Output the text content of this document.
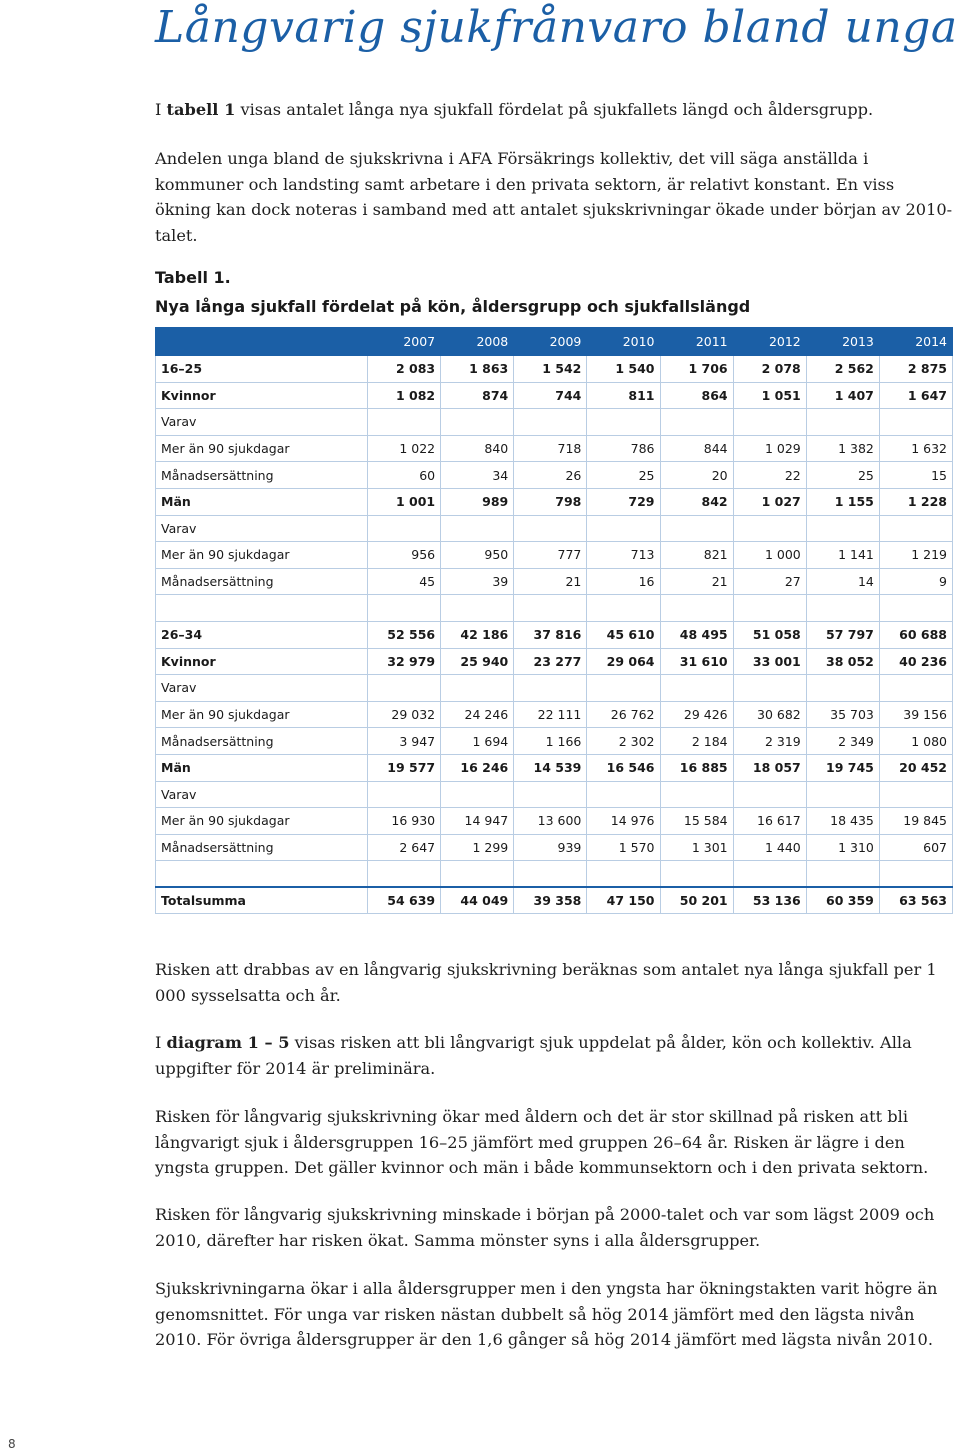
Långvarig sjukfrånvaro bland unga

I tabell 1 visas antalet långa nya sjukfall fördelat på sjukfallets längd och åldersgrupp.

Andelen unga bland de sjukskrivna i AFA Försäkrings kollektiv, det vill säga anställda i kommuner och landsting samt arbetare i den privata sektorn, är relativt konstant. En viss ökning kan dock noteras i samband med att antalet sjukskrivningar ökade under början av 2010-talet.

Tabell 1.

Nya långa sjukfall fördelat på kön, åldersgrupp och sjukfallslängd

	2007	2008	2009	2010	2011	2012	2013	2014
16–25	2 083	1 863	1 542	1 540	1 706	2 078	2 562	2 875
Kvinnor	1 082	874	744	811	864	1 051	1 407	1 647
Varav								
Mer än 90 sjukdagar	1 022	840	718	786	844	1 029	1 382	1 632
Månadsersättning	60	34	26	25	20	22	25	15
Män	1 001	989	798	729	842	1 027	1 155	1 228
Varav								
Mer än 90 sjukdagar	956	950	777	713	821	1 000	1 141	1 219
Månadsersättning	45	39	21	16	21	27	14	9

26–34	52 556	42 186	37 816	45 610	48 495	51 058	57 797	60 688
Kvinnor	32 979	25 940	23 277	29 064	31 610	33 001	38 052	40 236
Varav								
Mer än 90 sjukdagar	29 032	24 246	22 111	26 762	29 426	30 682	35 703	39 156
Månadsersättning	3 947	1 694	1 166	2 302	2 184	2 319	2 349	1 080
Män	19 577	16 246	14 539	16 546	16 885	18 057	19 745	20 452
Varav								
Mer än 90 sjukdagar	16 930	14 947	13 600	14 976	15 584	16 617	18 435	19 845
Månadsersättning	2 647	1 299	939	1 570	1 301	1 440	1 310	607

Totalsumma	54 639	44 049	39 358	47 150	50 201	53 136	60 359	63 563

Risken att drabbas av en långvarig sjukskrivning beräknas som antalet nya långa sjukfall per 1 000 sysselsatta och år.

I diagram 1 – 5 visas risken att bli långvarigt sjuk uppdelat på ålder, kön och kollektiv. Alla uppgifter för 2014 är preliminära.

Risken för långvarig sjukskrivning ökar med åldern och det är stor skillnad på risken att bli långvarigt sjuk i åldersgruppen 16–25 jämfört med gruppen 26–64 år. Risken är lägre i den yngsta gruppen. Det gäller kvinnor och män i både kommunsektorn och i den privata sektorn.

Risken för långvarig sjukskrivning minskade i början på 2000-talet och var som lägst 2009 och 2010, därefter har risken ökat. Samma mönster syns i alla åldersgrupper.

Sjukskrivningarna ökar i alla åldersgrupper men i den yngsta har ökningstakten varit högre än genomsnittet. För unga var risken nästan dubbelt så hög 2014 jämfört med den lägsta nivån 2010. För övriga åldersgrupper är den 1,6 gånger så hög 2014 jämfört med lägsta nivån 2010.

8
